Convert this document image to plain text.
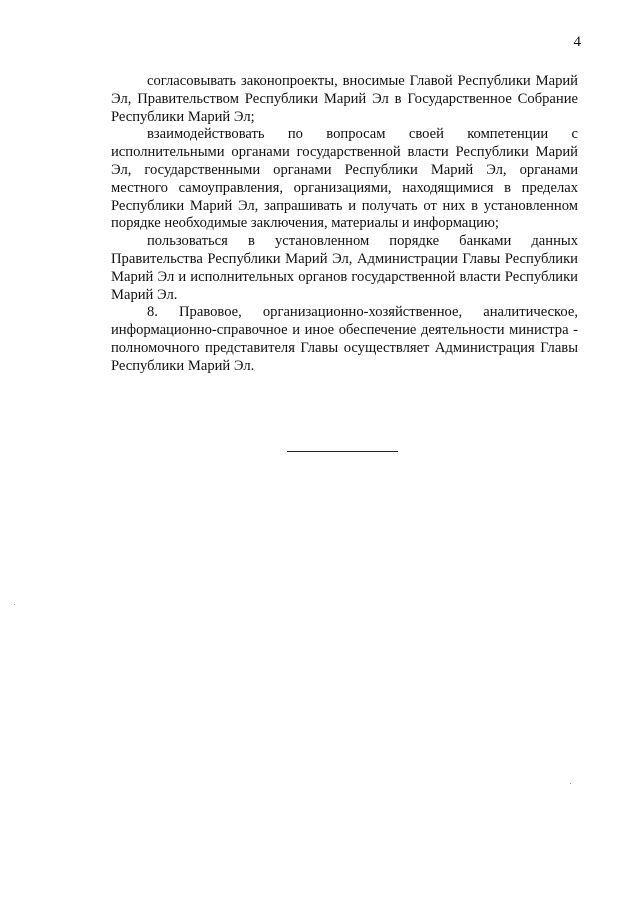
4

согласовывать законопроекты, вносимые Главой Республики Марий Эл, Правительством Республики Марий Эл в Государственное Собрание Республики Марий Эл;

взаимодействовать по вопросам своей компетенции с исполнительными органами государственной власти Республики Марий Эл, государственными органами Республики Марий Эл, органами местного самоуправления, организациями, находящимися в пределах Республики Марий Эл, запрашивать и получать от них в установленном порядке необходимые заключения, материалы и информацию;

пользоваться в установленном порядке банками данных Правительства Республики Марий Эл, Администрации Главы Республики Марий Эл и исполнительных органов государственной власти Республики Марий Эл.

8. Правовое, организационно-хозяйственное, аналитическое, информационно-справочное и иное обеспечение деятельности министра - полномочного представителя Главы осуществляет Администрация Главы Республики Марий Эл.
